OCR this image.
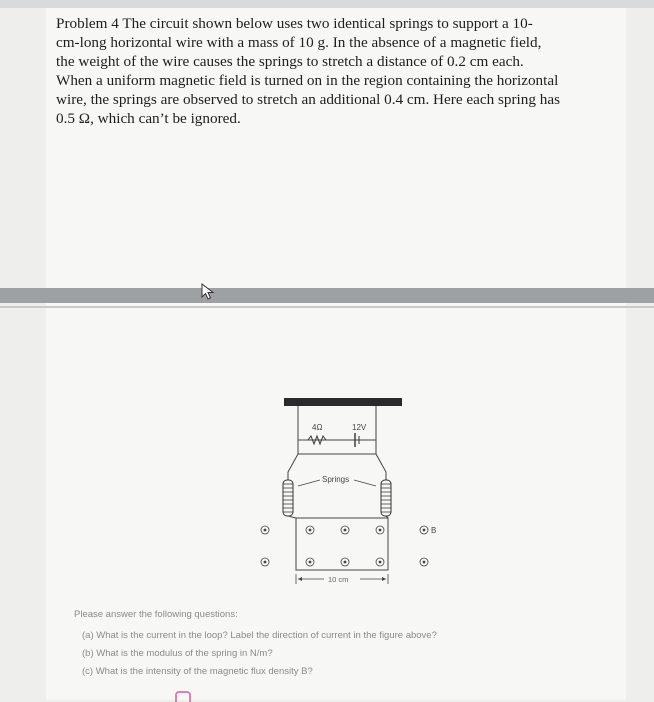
Problem 4 The circuit shown below uses two identical springs to support a 10-
cm-long horizontal wire with a mass of 10 g. In the absence of a magnetic field,
the weight of the wire causes the springs to stretch a distance of 0.2 cm each.
When a uniform magnetic field is turned on in the region containing the horizontal
wire, the springs are observed to stretch an additional 0.4 cm. Here each spring has
0.5 Ω, which can’t be ignored.
4Ω	12V
Springs
B
10 cm

Please answer the following questions:

(a) What is the current in the loop? Label the direction of current in the figure above?
(b) What is the modulus of the spring in N/m?
(c) What is the intensity of the magnetic flux density B?
